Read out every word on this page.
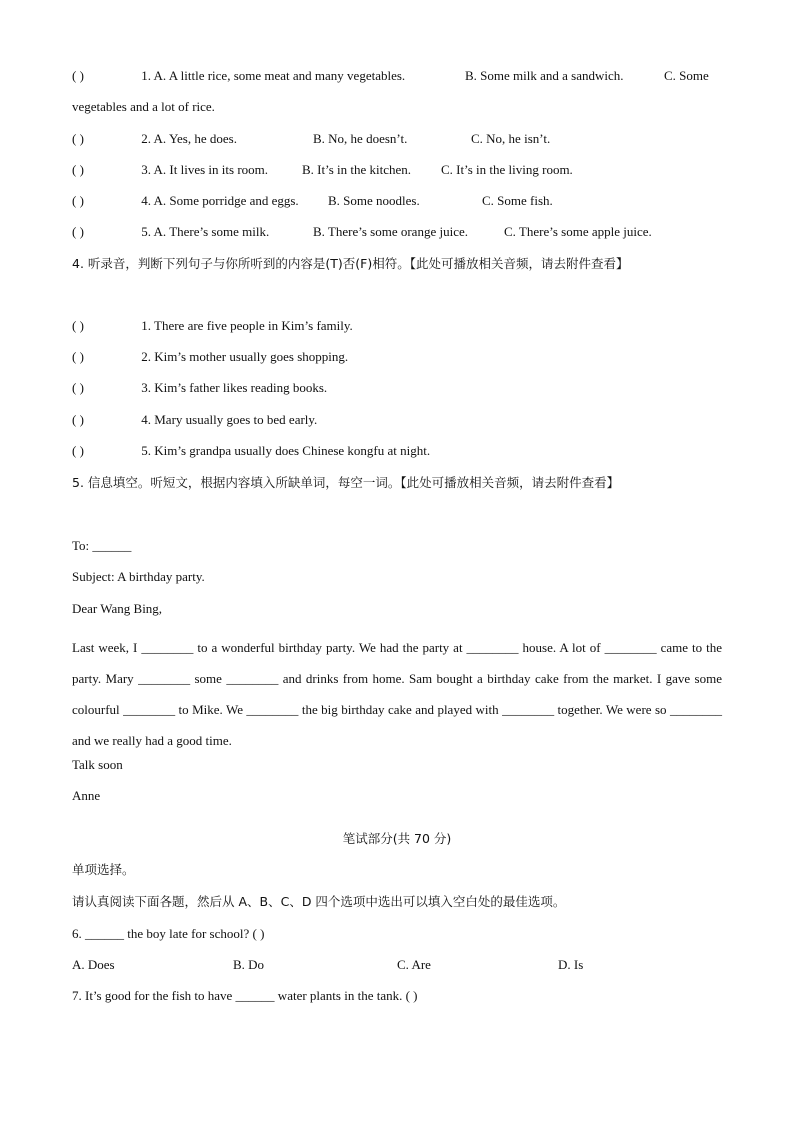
( )	1. A. A little rice, some meat and many vegetables.	B. Some milk and a sandwich.	C. Some
vegetables and a lot of rice.
( )	2. A. Yes, he does.	B. No, he doesn’t.	C. No, he isn’t.
( )	3. A. It lives in its room.	B. It’s in the kitchen. C. It’s in the living room.
( )	4. A. Some porridge and eggs. B. Some noodles.	C. Some fish.
( )	5. A. There’s some milk.	B. There’s some orange juice.	C. There’s some apple juice.
4. 听录音，判断下列句子与你所听到的内容是(T)否(F)相符。【此处可播放相关音频，请去附件查看】
( )	1. There are five people in Kim’s family.
( )	2. Kim’s mother usually goes shopping.
( )	3. Kim’s father likes reading books.
( )	4. Mary usually goes to bed early.
( )	5. Kim’s grandpa usually does Chinese kongfu at night.
5. 信息填空。听短文，根据内容填入所缺单词，每空一词。【此处可播放相关音频，请去附件查看】
To: ______
Subject: A birthday party.
Dear Wang Bing,
Last week, I ________ to a wonderful birthday party. We had the party at ________ house. A lot of ________ came to the party. Mary ________ some ________ and drinks from home. Sam bought a birthday cake from the market. I gave some colourful ________ to Mike. We ________ the big birthday cake and played with ________ together. We were so ________ and we really had a good time.
Talk soon
Anne
笔试部分(共 70 分)
单项选择。
请认真阅读下面各题，然后从 A、B、C、D 四个选项中选出可以填入空白处的最佳选项。
6. ______ the boy late for school? ( )
A. Does	B. Do	C. Are	D. Is
7. It’s good for the fish to have ______ water plants in the tank. ( )
